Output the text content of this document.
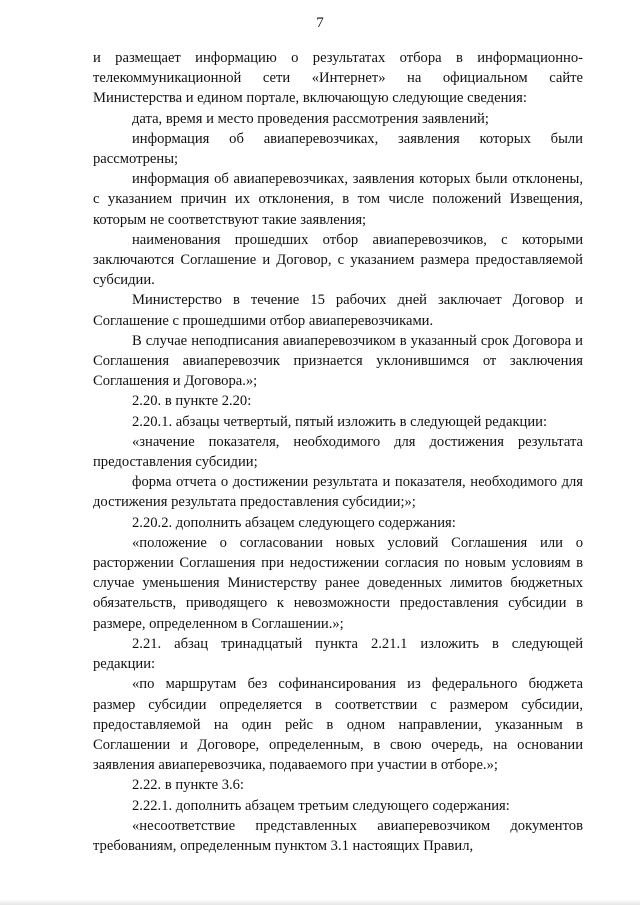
7

и размещает информацию о результатах отбора в информационно-телекоммуникационной сети «Интернет» на официальном сайте Министерства и едином портале, включающую следующие сведения:

дата, время и место проведения рассмотрения заявлений;

информация об авиаперевозчиках, заявления которых были рассмотрены;

информация об авиаперевозчиках, заявления которых были отклонены, с указанием причин их отклонения, в том числе положений Извещения, которым не соответствуют такие заявления;

наименования прошедших отбор авиаперевозчиков, с которыми заключаются Соглашение и Договор, с указанием размера предоставляемой субсидии.

Министерство в течение 15 рабочих дней заключает Договор и Соглашение с прошедшими отбор авиаперевозчиками.

В случае неподписания авиаперевозчиком в указанный срок Договора и Соглашения авиаперевозчик признается уклонившимся от заключения Соглашения и Договора.»;

2.20. в пункте 2.20:

2.20.1. абзацы четвертый, пятый изложить в следующей редакции:

«значение показателя, необходимого для достижения результата предоставления субсидии;

форма отчета о достижении результата и показателя, необходимого для достижения результата предоставления субсидии;»;

2.20.2. дополнить абзацем следующего содержания:

«положение о согласовании новых условий Соглашения или о расторжении Соглашения при недостижении согласия по новым условиям в случае уменьшения Министерству ранее доведенных лимитов бюджетных обязательств, приводящего к невозможности предоставления субсидии в размере, определенном в Соглашении.»;

2.21. абзац тринадцатый пункта 2.21.1 изложить в следующей редакции:

«по маршрутам без софинансирования из федерального бюджета размер субсидии определяется в соответствии с размером субсидии, предоставляемой на один рейс в одном направлении, указанным в Соглашении и Договоре, определенным, в свою очередь, на основании заявления авиаперевозчика, подаваемого при участии в отборе.»;

2.22. в пункте 3.6:

2.22.1. дополнить абзацем третьим следующего содержания:

«несоответствие представленных авиаперевозчиком документов требованиям, определенным пунктом 3.1 настоящих Правил,
